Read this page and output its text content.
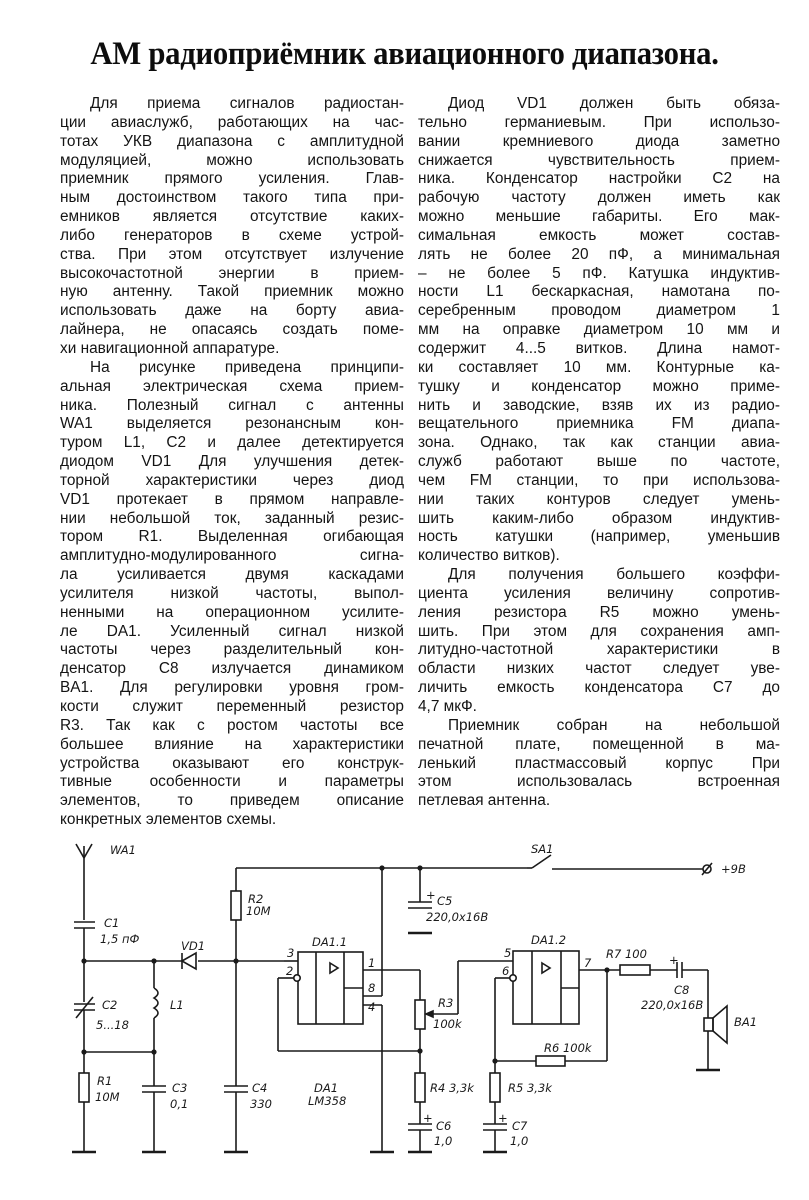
АМ радиоприёмник авиационного диапазона.
Для приема сигналов радиостан-
ции авиаслужб, работающих на час-
тотах УКВ диапазона с амплитудной
модуляцией, можно использовать
приемник прямого усиления. Глав-
ным достоинством такого типа при-
емников является отсутствие каких-
либо генераторов в схеме устрой-
ства. При этом отсутствует излучение
высокочастотной энергии в прием-
ную антенну. Такой приемник можно
использовать даже на борту авиа-
лайнера, не опасаясь создать поме-
хи навигационной аппаратуре.
На рисунке приведена принципи-
альная электрическая схема прием-
ника. Полезный сигнал с антенны
WA1 выделяется резонансным кон-
туром L1, C2 и далее детектируется
диодом VD1 Для улучшения детек-
торной характеристики через диод
VD1 протекает в прямом направле-
нии небольшой ток, заданный резис-
тором R1. Выделенная огибающая
амплитудно-модулированного сигна-
ла усиливается двумя каскадами
усилителя низкой частоты, выпол-
ненными на операционном усилите-
ле DA1. Усиленный сигнал низкой
частоты через разделительный кон-
денсатор C8 излучается динамиком
BA1. Для регулировки уровня гром-
кости служит переменный резистор
R3. Так как с ростом частоты все
большее влияние на характеристики
устройства оказывают его конструк-
тивные особенности и параметры
элементов, то приведем описание
конкретных элементов схемы.
Диод VD1 должен быть обяза-
тельно германиевым. При использо-
вании кремниевого диода заметно
снижается чувствительность прием-
ника. Конденсатор настройки C2 на
рабочую частоту должен иметь как
можно меньшие габариты. Его мак-
симальная емкость может состав-
лять не более 20 пФ, а минимальная
– не более 5 пФ. Катушка индуктив-
ности L1 бескаркасная, намотана по-
серебренным проводом диаметром 1
мм на оправке диаметром 10 мм и
содержит 4...5 витков. Длина намот-
ки составляет 10 мм. Контурные ка-
тушку и конденсатор можно приме-
нить и заводские, взяв их из радио-
вещательного приемника FM диапа-
зона. Однако, так как станции авиа-
служб работают выше по частоте,
чем FM станции, то при использова-
нии таких контуров следует умень-
шить каким-либо образом индуктив-
ность катушки (например, уменьшив
количество витков).
Для получения большего коэффи-
циента усиления величину сопротив-
ления резистора R5 можно умень-
шить. При этом для сохранения амп-
литудно-частотной характеристики в
области низких частот следует уве-
личить емкость конденсатора C7 до
4,7 мкФ.
Приемник собран на небольшой
печатной плате, помещенной в ма-
ленький пластмассовый корпус При
этом использовалась встроенная
петлевая антенна.
WA1
C1
1,5 пФ	VD1
C2
5...18
L1
R1
10M
C3
0,1
R2
10M
C4
330
DA1
LM358
DA1.1
3
2
1
8
4
C5
220,0x16В
+
R3
100k
R4 3,3k
+
C6
1,0
R5 3,3k
+
C7
1,0
R6 100k
DA1.2
5
6
7
R7 100 +
C8
220,0x16В
BA1
SA1
+9В
